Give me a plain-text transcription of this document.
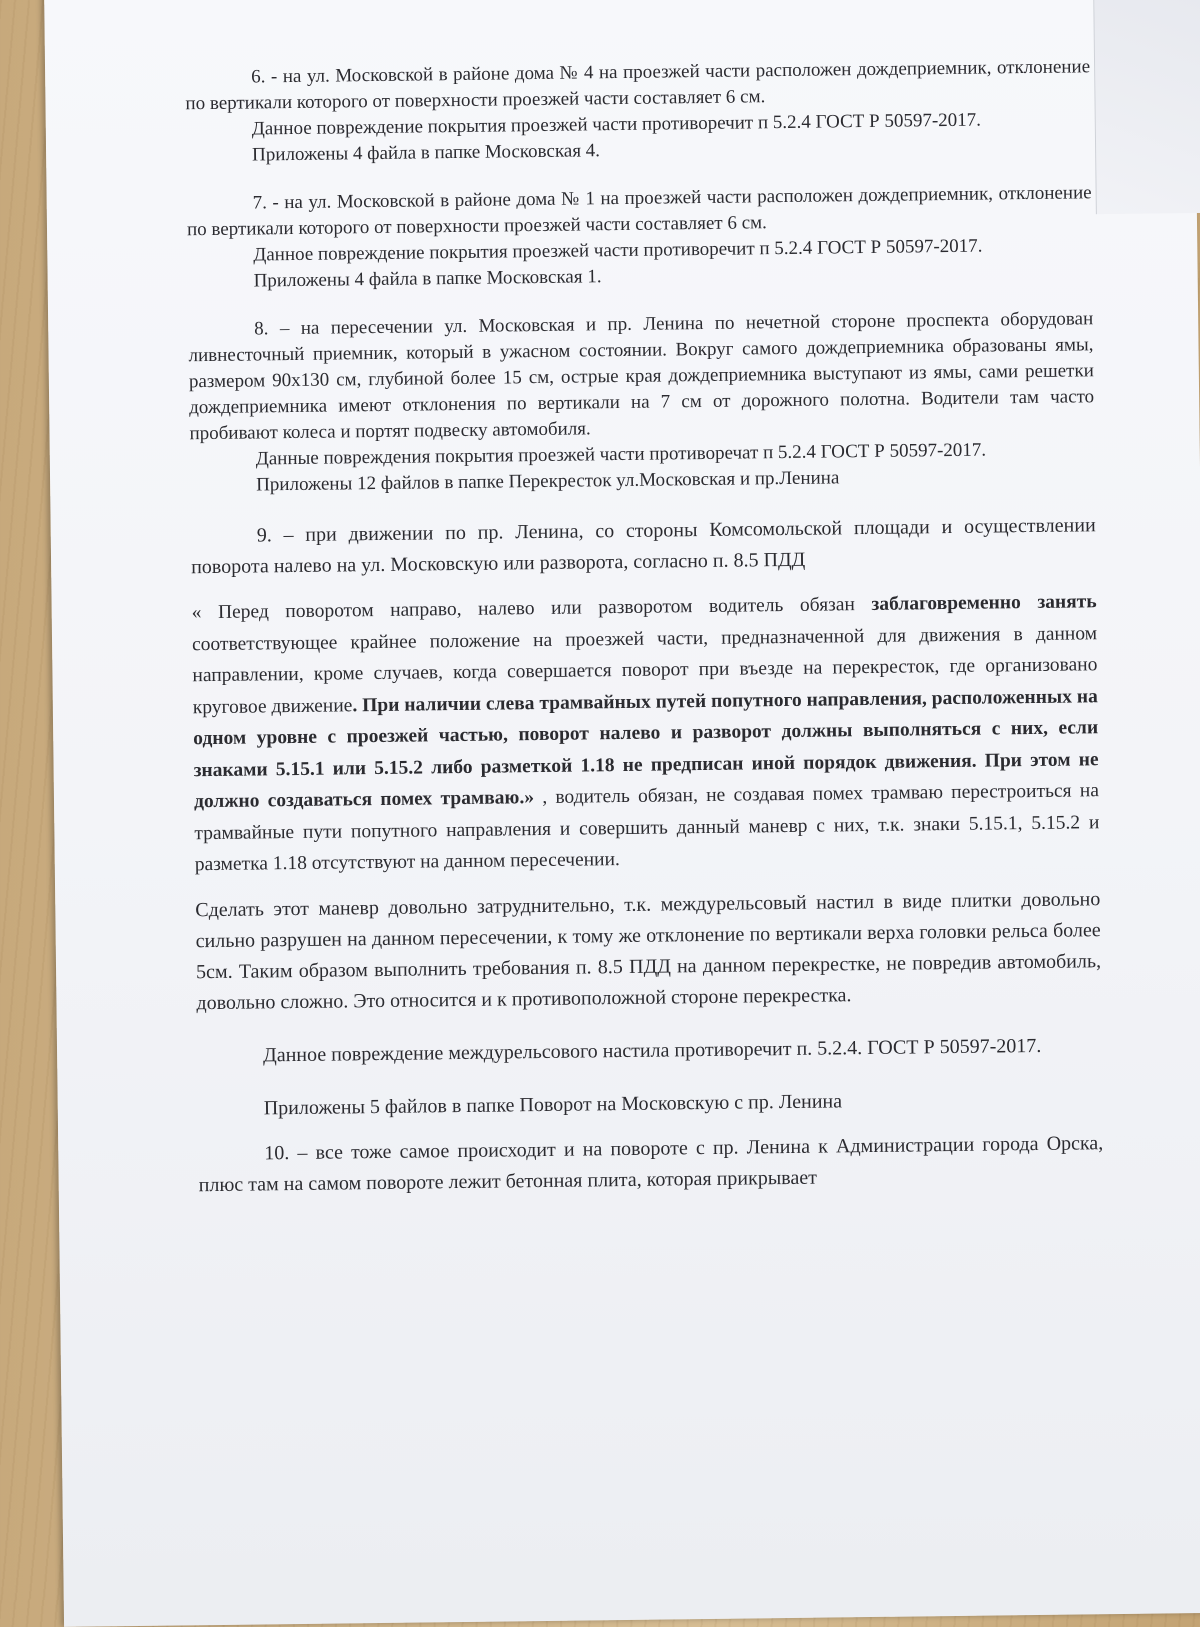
6. - на ул. Московской в районе дома № 4 на проезжей части расположен дождеприемник, отклонение по вертикали которого от поверхности проезжей части составляет 6 см.

Данное повреждение покрытия проезжей части противоречит п 5.2.4 ГОСТ Р 50597-2017.

Приложены 4 файла в папке Московская 4.

7. - на ул. Московской в районе дома № 1 на проезжей части расположен дождеприемник, отклонение по вертикали которого от поверхности проезжей части составляет 6 см.

Данное повреждение покрытия проезжей части противоречит п 5.2.4 ГОСТ Р 50597-2017.

Приложены 4 файла в папке Московская 1.

8. – на пересечении ул. Московская и пр. Ленина по нечетной стороне проспекта оборудован ливнесточный приемник, который в ужасном состоянии. Вокруг самого дождеприемника образованы ямы, размером 90х130 см, глубиной более 15 см, острые края дождеприемника выступают из ямы, сами решетки дождеприемника имеют отклонения по вертикали на 7 см от дорожного полотна. Водители там часто пробивают колеса и портят подвеску автомобиля.

Данные повреждения покрытия проезжей части противоречат п 5.2.4 ГОСТ Р 50597-2017.

Приложены 12 файлов в папке Перекресток ул.Московская и пр.Ленина

9. – при движении по пр. Ленина, со стороны Комсомольской площади и осуществлении поворота налево на ул. Московскую или разворота, согласно п. 8.5 ПДД

« Перед поворотом направо, налево или разворотом водитель обязан заблаговременно занять соответствующее крайнее положение на проезжей части, предназначенной для движения в данном направлении, кроме случаев, когда совершается поворот при въезде на перекресток, где организовано круговое движение. При наличии слева трамвайных путей попутного направления, расположенных на одном уровне с проезжей частью, поворот налево и разворот должны выполняться с них, если знаками 5.15.1 или 5.15.2 либо разметкой 1.18 не предписан иной порядок движения. При этом не должно создаваться помех трамваю.» , водитель обязан, не создавая помех трамваю перестроиться на трамвайные пути попутного направления и совершить данный маневр с них, т.к. знаки 5.15.1, 5.15.2 и разметка 1.18 отсутствуют на данном пересечении.

Сделать этот маневр довольно затруднительно, т.к. междурельсовый настил в виде плитки довольно сильно разрушен на данном пересечении, к тому же отклонение по вертикали верха головки рельса более 5см. Таким образом выполнить требования п. 8.5 ПДД на данном перекрестке, не повредив автомобиль, довольно сложно. Это относится и к противоположной стороне перекрестка.

Данное повреждение междурельсового настила противоречит п. 5.2.4. ГОСТ Р 50597-2017.

Приложены 5 файлов в папке Поворот на Московскую с пр. Ленина

10. – все тоже самое происходит и на повороте с пр. Ленина к Администрации города Орска, плюс там на самом повороте лежит бетонная плита, которая прикрывает
